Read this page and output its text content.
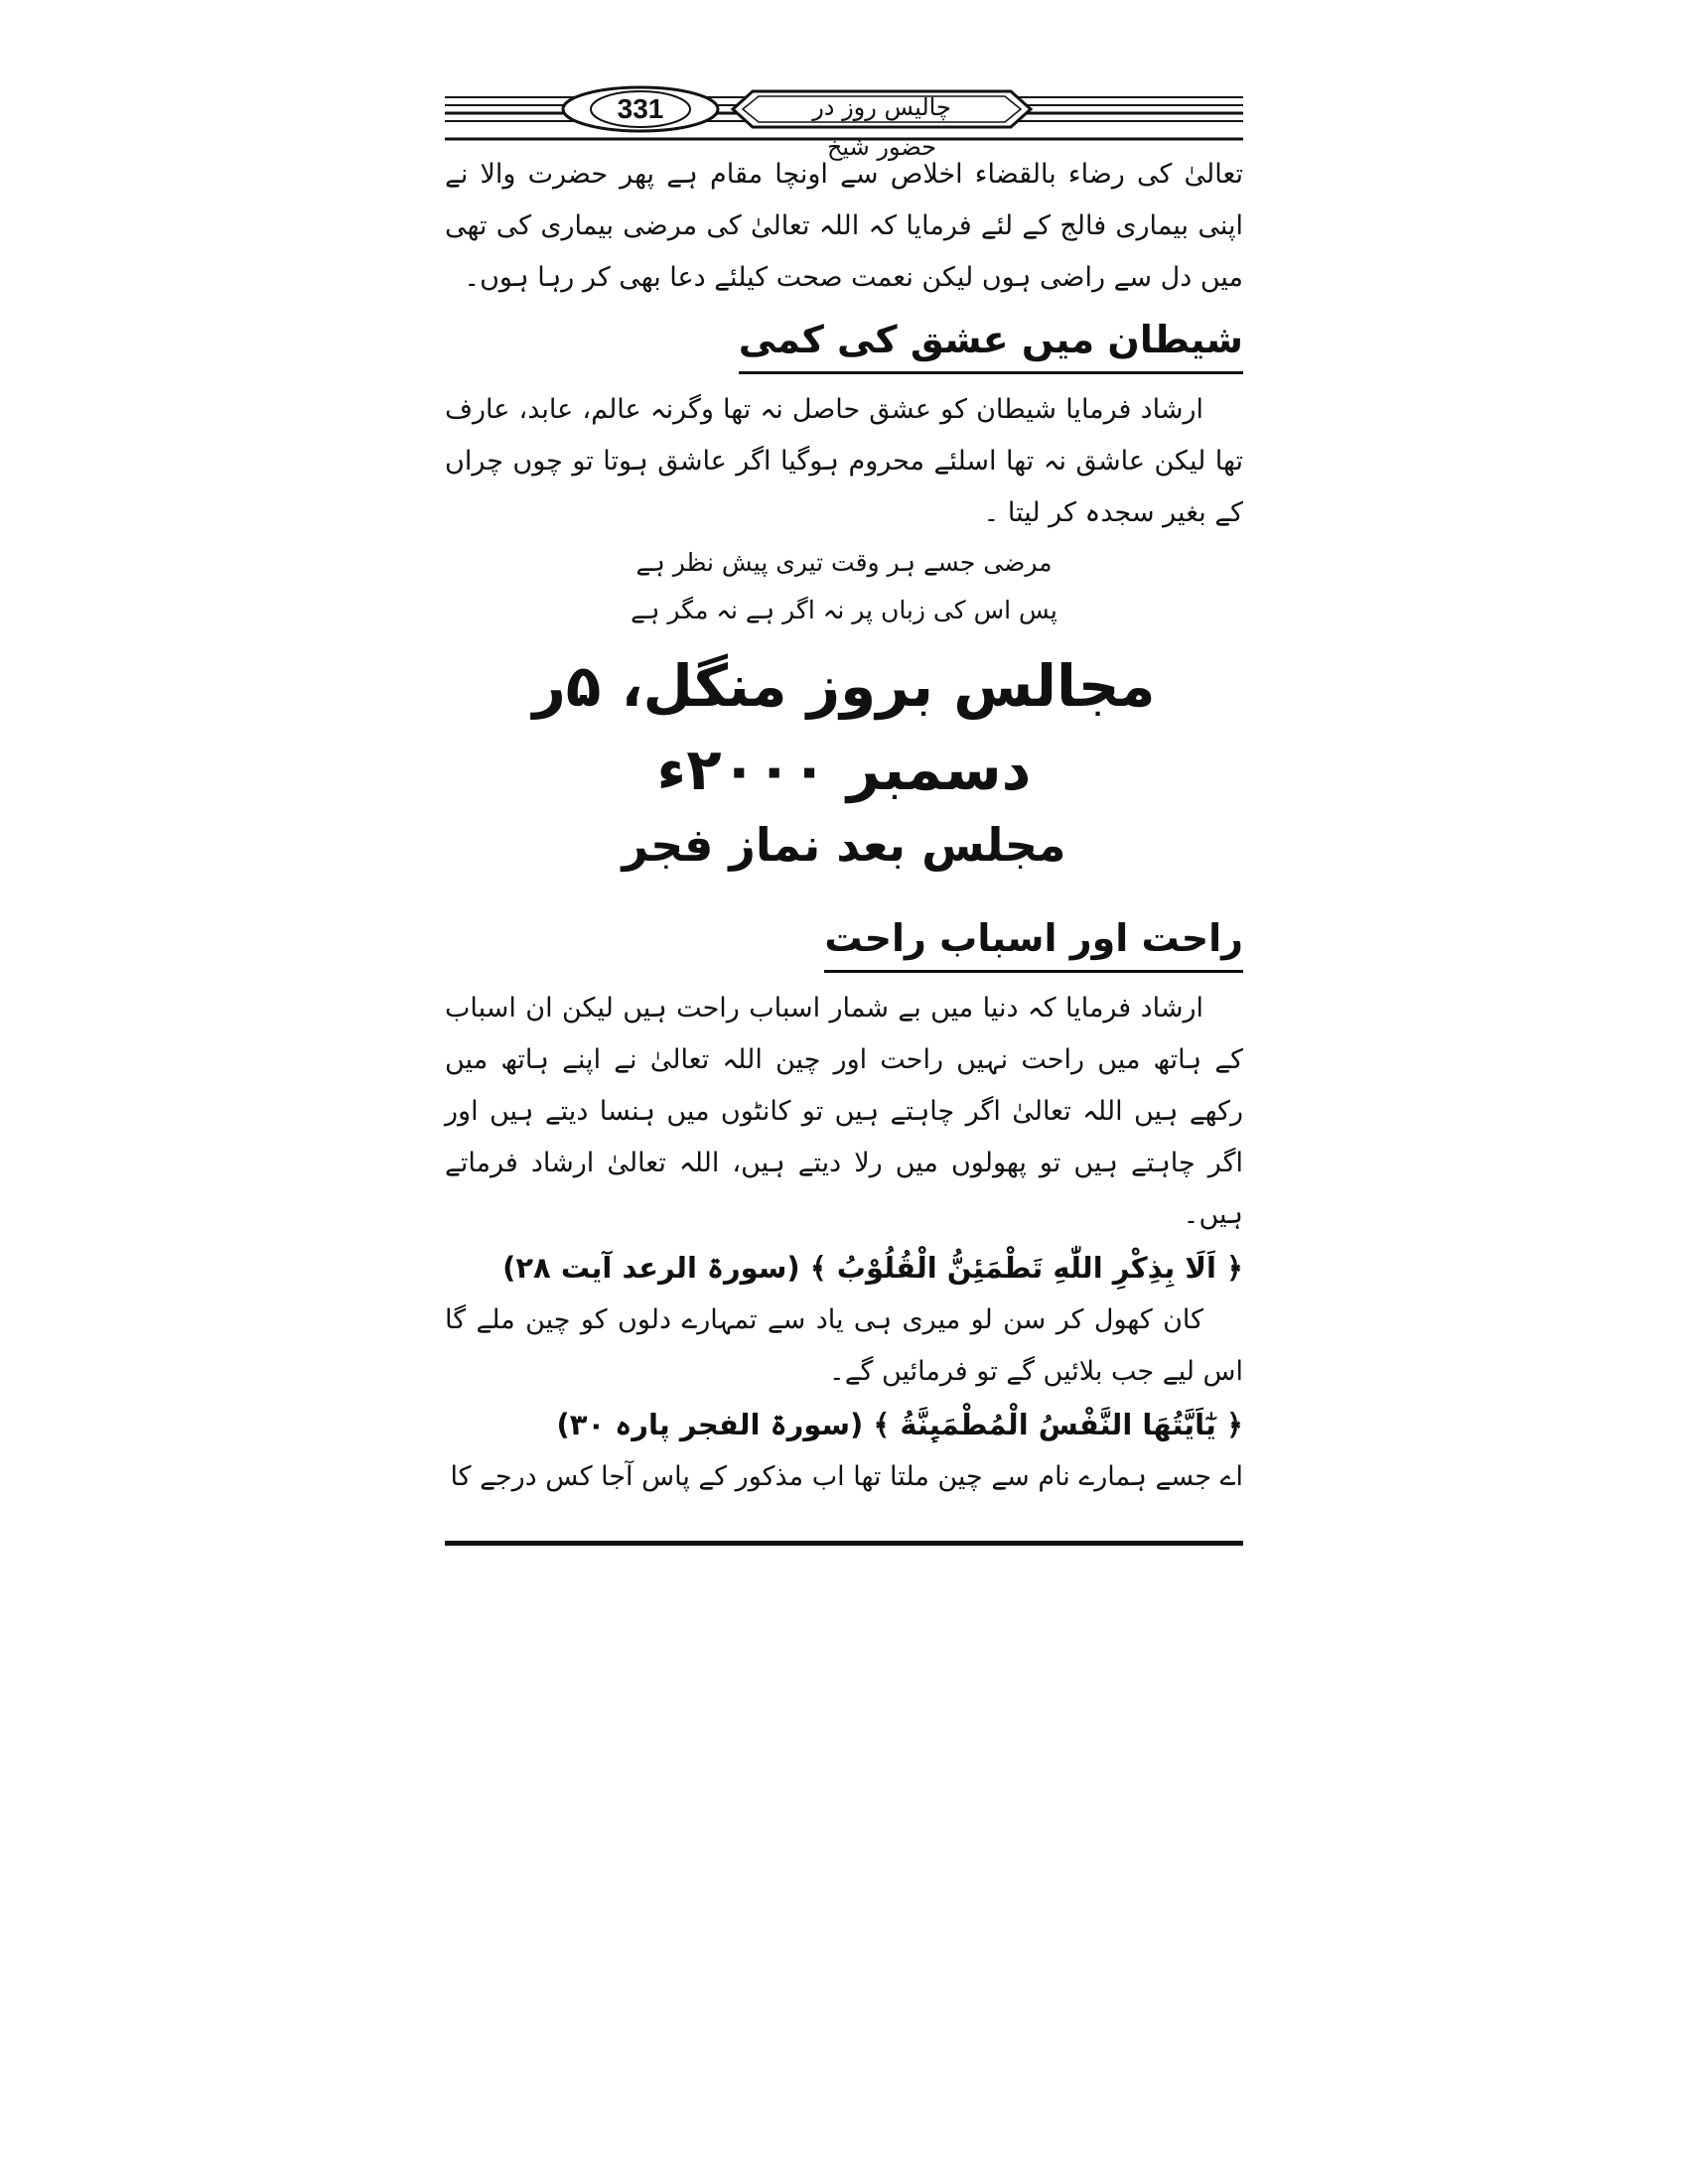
331	چالیس روز در حضور شیخ

تعالیٰ کی رضاء بالقضاء اخلاص سے اونچا مقام ہے پھر حضرت والا نے اپنی بیماری فالج کے لئے فرمایا کہ اللہ تعالیٰ کی مرضی بیماری کی تھی میں دل سے راضی ہوں لیکن نعمت صحت کیلئے دعا بھی کر رہا ہوں۔

شیطان میں عشق کی کمی

ارشاد فرمایا شیطان کو عشق حاصل نہ تھا وگرنہ عالم، عابد، عارف تھا لیکن عاشق نہ تھا اسلئے محروم ہوگیا اگر عاشق ہوتا تو چوں چراں کے بغیر سجدہ کر لیتا ۔

مرضی جسے ہر وقت تیری پیش نظر ہے

پس اس کی زباں پر نہ اگر ہے نہ مگر ہے

مجالس بروز منگل، ۵ر دسمبر ۲۰۰۰ء

مجلس بعد نماز فجر

راحت اور اسباب راحت

ارشاد فرمایا کہ دنیا میں بے شمار اسباب راحت ہیں لیکن ان اسباب کے ہاتھ میں راحت نہیں راحت اور چین اللہ تعالیٰ نے اپنے ہاتھ میں رکھے ہیں اللہ تعالیٰ اگر چاہتے ہیں تو کانٹوں میں ہنسا دیتے ہیں اور اگر چاہتے ہیں تو پھولوں میں رلا دیتے ہیں، اللہ تعالیٰ ارشاد فرماتے ہیں۔

﴿ اَلَا بِذِكْرِ اللّٰهِ تَطْمَئِنُّ الْقُلُوْبُ ﴾ (سورۃ الرعد آیت ۲۸)

کان کھول کر سن لو میری ہی یاد سے تمہارے دلوں کو چین ملے گا اس لیے جب بلائیں گے تو فرمائیں گے۔

﴿ یٰٓاَیَّتُهَا النَّفْسُ الْمُطْمَىِٕنَّةُ ﴾ (سورۃ الفجر پارہ ۳۰)

اے جسے ہمارے نام سے چین ملتا تھا اب مذکور کے پاس آجا کس درجے کا
